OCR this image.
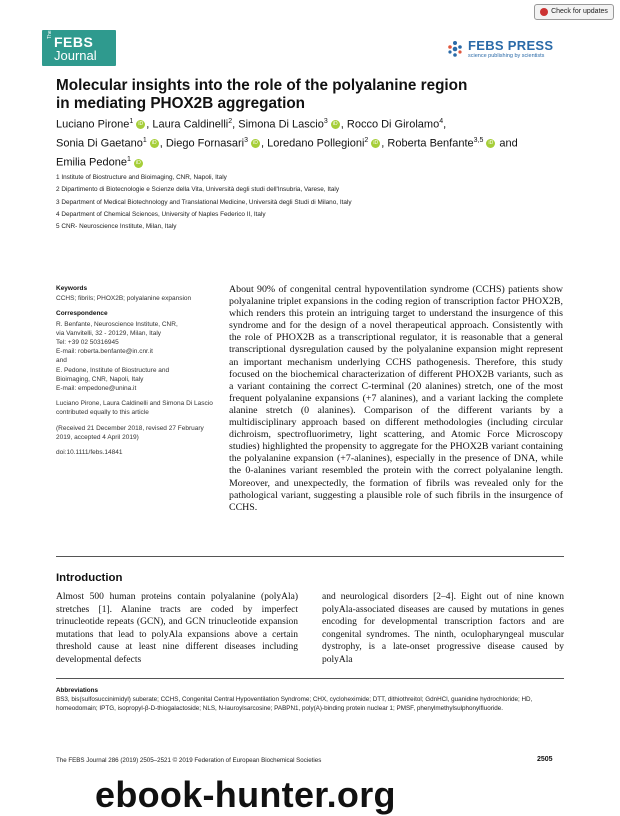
Check for updates
The FEBS
Journal
FEBS PRESS
science publishing by scientists
Molecular insights into the role of the polyalanine region
in mediating PHOX2B aggregation
Luciano Pirone$^1$ iD , Laura Caldinelli$^2$, Simona Di Lascio$^3$ iD , Rocco Di Girolamo$^4$,
Sonia Di Gaetano$^1$ iD , Diego Fornasari$^3$ iD , Loredano Pollegioni$^2$ iD , Roberta Benfante$^{3,5}$ iD and
Emilia Pedone$^1$ iD
1 Institute of Biostructure and Bioimaging, CNR, Napoli, Italy
2 Dipartimento di Biotecnologie e Scienze della Vita, Università degli studi dell'Insubria, Varese, Italy
3 Department of Medical Biotechnology and Translational Medicine, Università degli Studi di Milano, Italy
4 Department of Chemical Sciences, University of Naples Federico II, Italy
5 CNR- Neuroscience Institute, Milan, Italy
Keywords
CCHS; fibrils; PHOX2B; polyalanine expansion
Correspondence
R. Benfante, Neuroscience Institute, CNR,
via Vanvitelli, 32 - 20129, Milan, Italy
Tel: +39 02 50316945
E-mail: roberta.benfante@in.cnr.it
and
E. Pedone, Institute of Biostructure and
Bioimaging, CNR, Napoli, Italy
E-mail: empedone@unina.it
Luciano Pirone, Laura Caldinelli and Simona Di Lascio contributed equally to this article
(Received 21 December 2018, revised 27 February 2019, accepted 4 April 2019)
doi:10.1111/febs.14841
About 90% of congenital central hypoventilation syndrome (CCHS) patients show polyalanine triplet expansions in the coding region of transcription factor PHOX2B, which renders this protein an intriguing target to understand the insurgence of this syndrome and for the design of a novel therapeutical approach. Consistently with the role of PHOX2B as a transcriptional regulator, it is reasonable that a general transcriptional dysregulation caused by the polyalanine expansion might represent an important mechanism underlying CCHS pathogenesis. Therefore, this study focused on the biochemical characterization of different PHOX2B variants, such as a variant containing the correct C-terminal (20 alanines) stretch, one of the most frequent polyalanine expansions (+7 alanines), and a variant lacking the complete alanine stretch (0 alanines). Comparison of the different variants by a multidisciplinary approach based on different methodologies (including circular dichroism, spectrofluorimetry, light scattering, and Atomic Force Microscopy studies) highlighted the propensity to aggregate for the PHOX2B variant containing the polyalanine expansion (+7-alanines), especially in the presence of DNA, while the 0-alanines variant resembled the protein with the correct polyalanine length. Moreover, and unexpectedly, the formation of fibrils was revealed only for the pathological variant, suggesting a plausible role of such fibrils in the insurgence of CCHS.
Introduction
Almost 500 human proteins contain polyalanine (polyAla) stretches [1]. Alanine tracts are coded by imperfect trinucleotide repeats (GCN), and GCN trinucleotide expansion mutations that lead to polyAla expansions above a certain threshold cause at least nine different diseases including developmental defects
and neurological disorders [2–4]. Eight out of nine known polyAla-associated diseases are caused by mutations in genes encoding for developmental transcription factors and are congenital syndromes. The ninth, oculopharyngeal muscular dystrophy, is a late-onset progressive disease caused by polyAla
Abbreviations
BS3, bis(sulfosuccinimidyl) suberate; CCHS, Congenital Central Hypoventilation Syndrome; CHX, cycloheximide; DTT, dithiothreitol; GdnHCl, guanidine hydrochloride; HD, homeodomain; IPTG, isopropyl-β-D-thiogalactoside; NLS, N-lauroylsarcosine; PABPN1, poly(A)-binding protein nuclear 1; PMSF, phenylmethylsulphonylfluoride.
The FEBS Journal 286 (2019) 2505–2521 © 2019 Federation of European Biochemical Societies	2505
ebook-hunter.org
